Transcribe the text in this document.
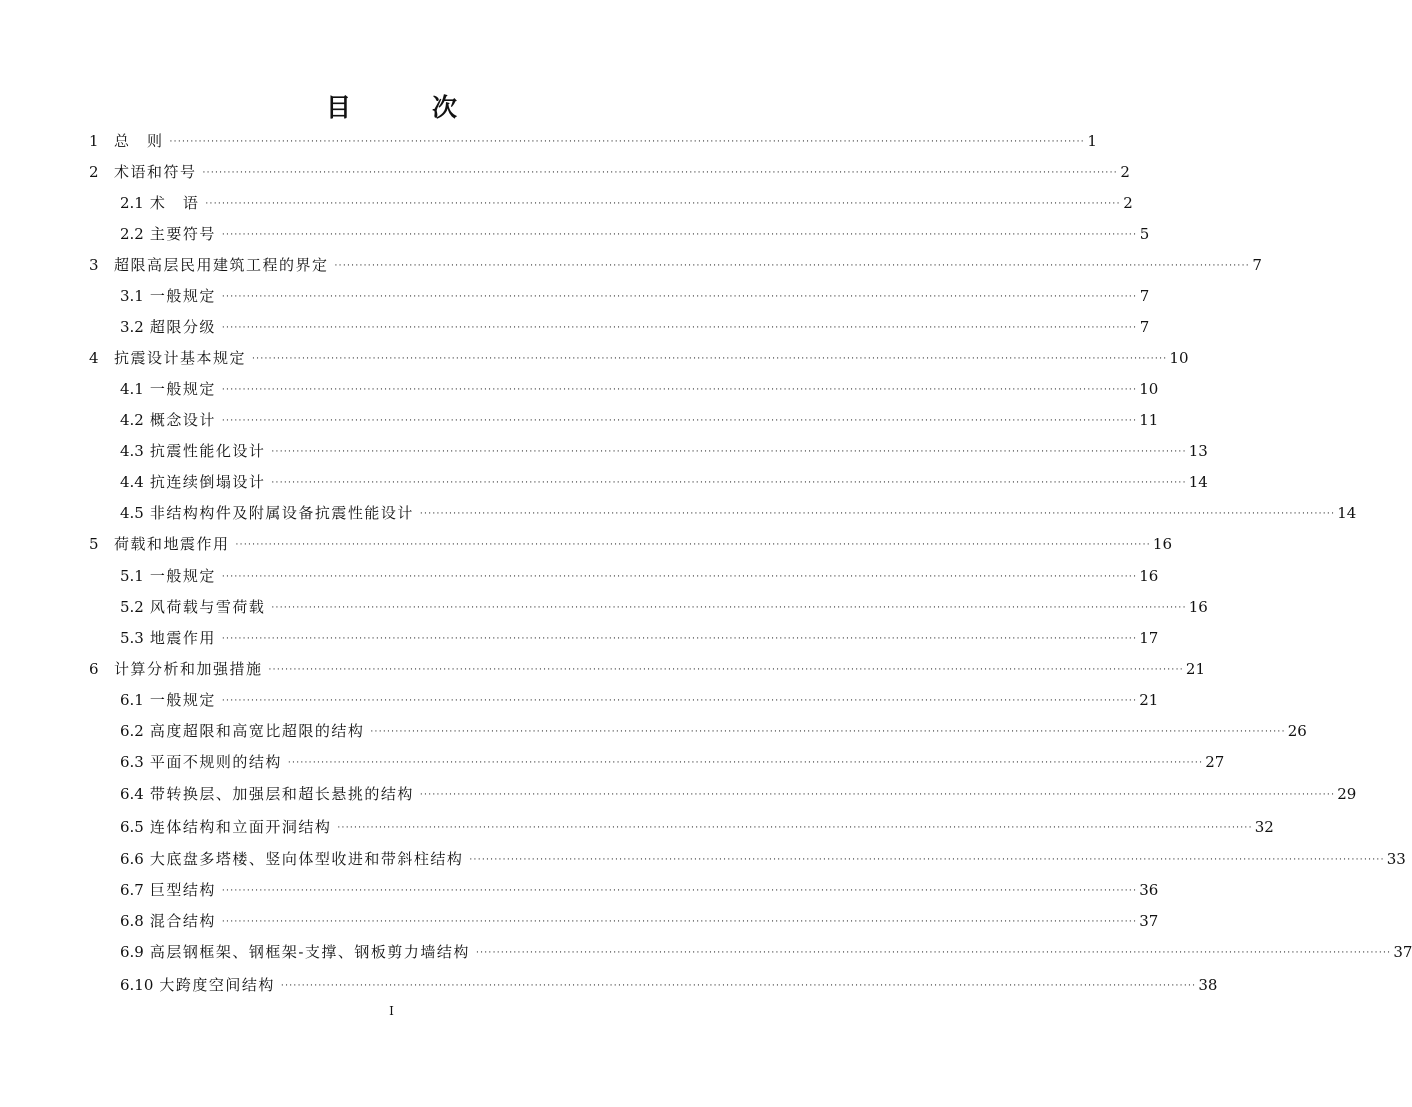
目　次
1	总　则 ···························································································································································································································· 1
2	术语和符号 ···························································································································································································································· 2
2.1 术　语 ···························································································································································································································· 2
2.2 主要符号 ···························································································································································································································· 5
3	超限高层民用建筑工程的界定 ···························································································································································································································· 7
3.1 一般规定 ···························································································································································································································· 7
3.2 超限分级 ···························································································································································································································· 7
4	抗震设计基本规定 ···························································································································································································································· 10
4.1 一般规定 ···························································································································································································································· 10
4.2 概念设计 ···························································································································································································································· 11
4.3 抗震性能化设计 ···························································································································································································································· 13
4.4 抗连续倒塌设计 ···························································································································································································································· 14
4.5 非结构构件及附属设备抗震性能设计 ···························································································································································································································· 14
5	荷载和地震作用 ···························································································································································································································· 16
5.1 一般规定 ···························································································································································································································· 16
5.2 风荷载与雪荷载 ···························································································································································································································· 16
5.3 地震作用 ···························································································································································································································· 17
6	计算分析和加强措施 ···························································································································································································································· 21
6.1 一般规定 ···························································································································································································································· 21
6.2 高度超限和高宽比超限的结构 ···························································································································································································································· 26
6.3 平面不规则的结构 ···························································································································································································································· 27
6.4 带转换层、加强层和超长悬挑的结构 ···························································································································································································································· 29
6.5 连体结构和立面开洞结构 ···························································································································································································································· 32
6.6 大底盘多塔楼、竖向体型收进和带斜柱结构 ···························································································································································································································· 33
6.7 巨型结构 ···························································································································································································································· 36
6.8 混合结构 ···························································································································································································································· 37
6.9 高层钢框架、钢框架-支撑、钢板剪力墙结构 ···························································································································································································································· 37
6.10 大跨度空间结构 ···························································································································································································································· 38
I
